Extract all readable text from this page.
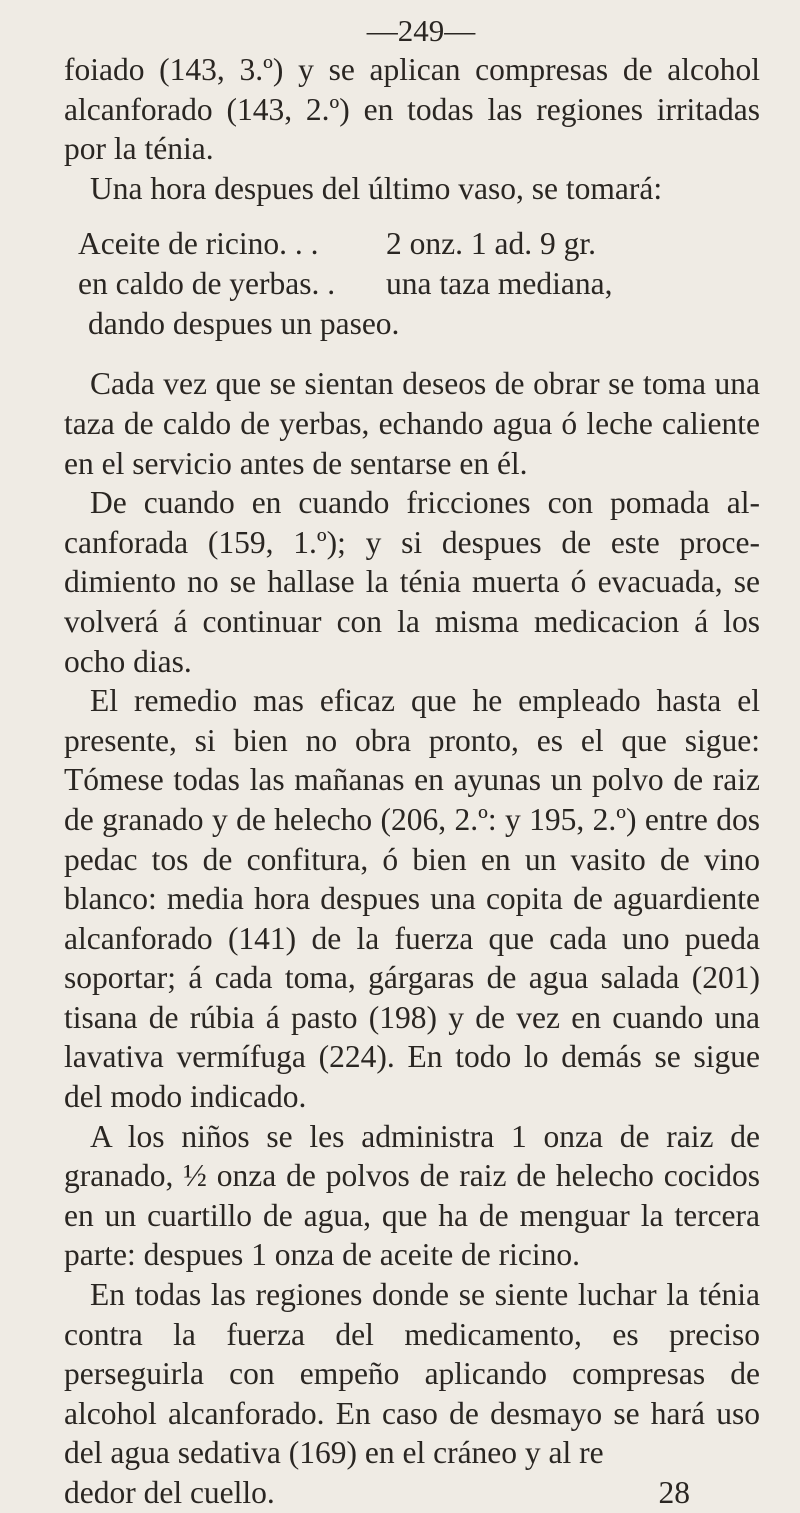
—249—

foiado (143, 3.º) y se aplican compresas de alcohol alcanforado (143, 2.º) en todas las regiones irritadas por la ténia.

Una hora despues del último vaso, se tomará:

Aceite de ricino. . .	2 onz. 1 ad. 9 gr.
en caldo de yerbas. .	una taza mediana,
dando despues un paseo.

Cada vez que se sientan deseos de obrar se toma una taza de caldo de yerbas, echando agua ó leche caliente en el servicio antes de sentarse en él.

De cuando en cuando fricciones con pomada alcanforada (159, 1.º); y si despues de este procedimiento no se hallase la ténia muerta ó evacuada, se volverá á continuar con la misma medicacion á los ocho dias.

El remedio mas eficaz que he empleado hasta el presente, si bien no obra pronto, es el que sigue: Tómese todas las mañanas en ayunas un polvo de raiz de granado y de helecho (206, 2.º: y 195, 2.º) entre dos pedac tos de confitura, ó bien en un vasito de vino blanco: media hora despues una copita de aguardiente alcanforado (141) de la fuerza que cada uno pueda soportar; á cada toma, gárgaras de agua salada (201) tisana de rúbia á pasto (198) y de vez en cuando una lavativa vermífuga (224). En todo lo demás se sigue del modo indicado.

A los niños se les administra 1 onza de raiz de granado, ½ onza de polvos de raiz de helecho cocidos en un cuartillo de agua, que ha de menguar la tercera parte: despues 1 onza de aceite de ricino.

En todas las regiones donde se siente luchar la ténia contra la fuerza del medicamento, es preciso perseguirla con empeño aplicando compresas de alcohol alcanforado. En caso de desmayo se hará uso del agua sedativa (169) en el cráneo y al re

dedor del cuello.	28
